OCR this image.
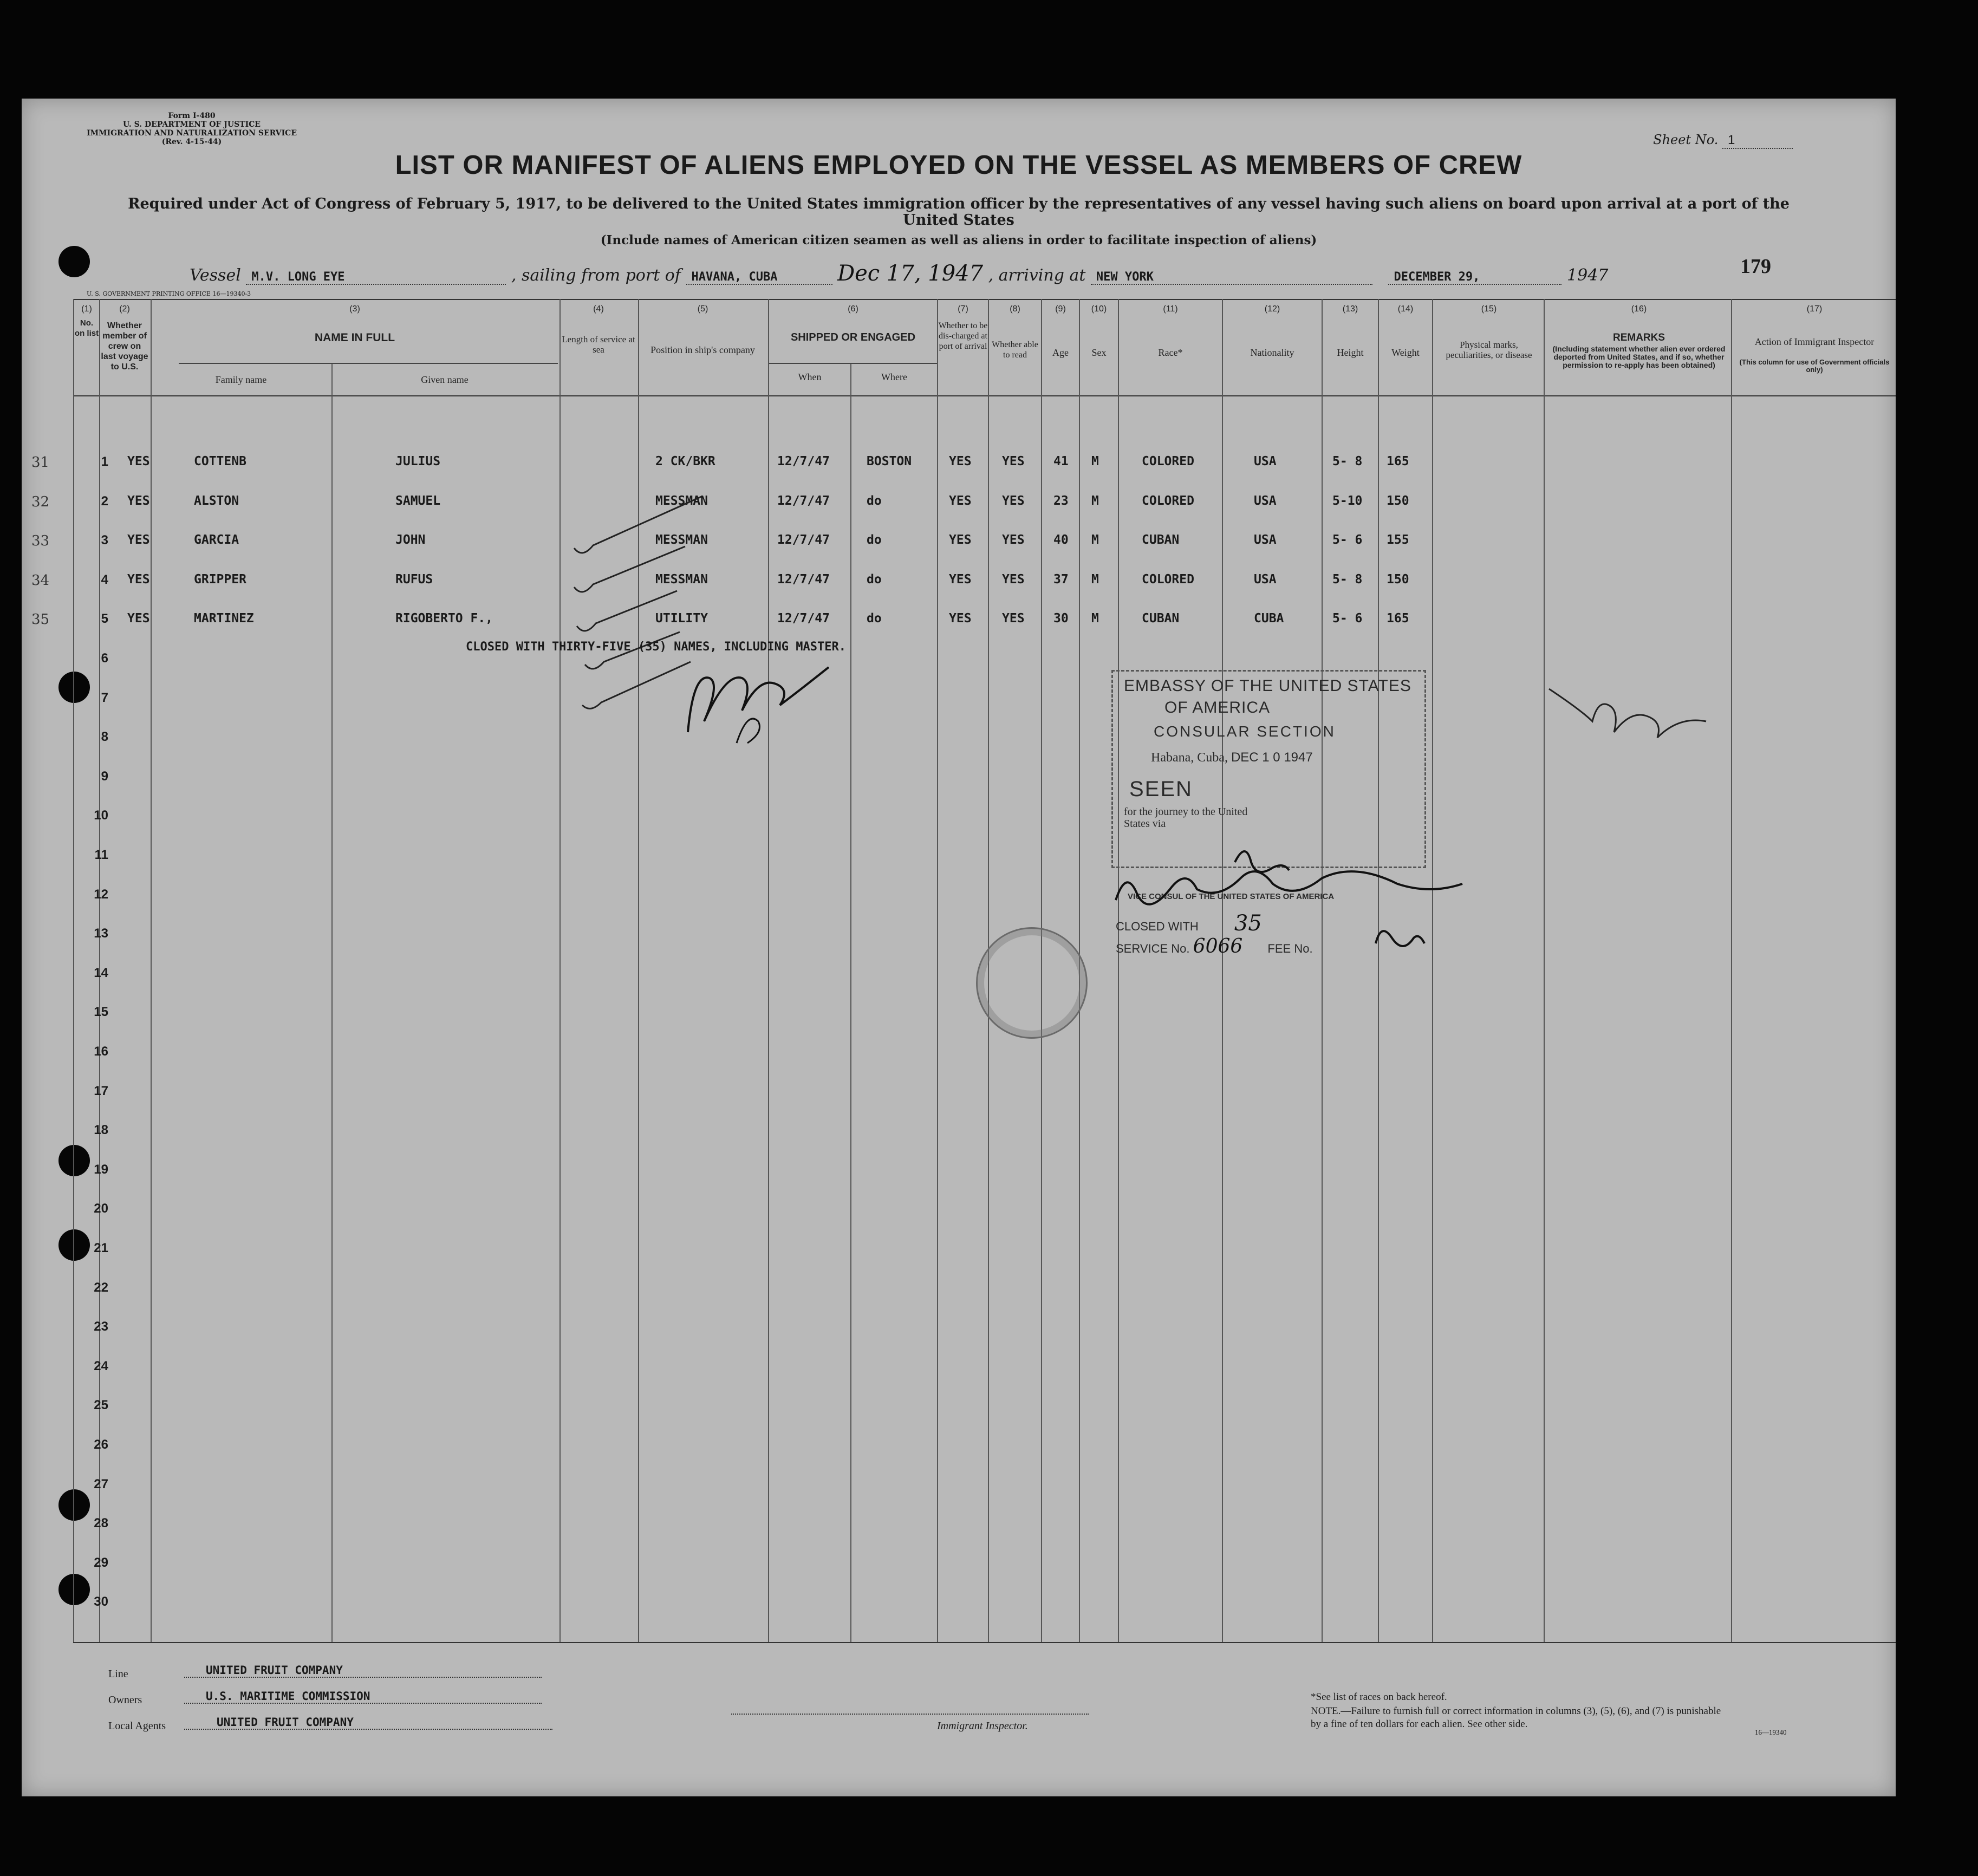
Form I-480
U. S. DEPARTMENT OF JUSTICE
IMMIGRATION AND NATURALIZATION SERVICE
(Rev. 4-15-44)	Sheet No. 1
LIST OR MANIFEST OF ALIENS EMPLOYED ON THE VESSEL AS MEMBERS OF CREW
Required under Act of Congress of February 5, 1917, to be delivered to the United States immigration officer by the representatives of any vessel having such aliens on board upon arrival at a port of the United States
(Include names of American citizen seamen as well as aliens in order to facilitate inspection of aliens)
Vessel M.V. LONG EYE	, sailing from port of HAVANA, CUBA	Dec 17, 1947 , arriving at NEW YORK	DECEMBER 29,	1947	179
U. S. GOVERNMENT PRINTING OFFICE 16—19340-3
(1)
No. on list
(2)
Whether member of crew on last voyage to U.S.
(3)
NAME IN FULL
Family name	Given name
(4)
Length of service at sea
(5)
Position in ship's company
(6)
SHIPPED OR ENGAGED
When	Where
(7)
Whether to be dis-charged at port of arrival
(8)
Whether able to read
(9)
Age
(10)
Sex
(11)
Race*
(12)
Nationality
(13)
Height
(14)
Weight
(15)
Physical marks, peculiarities, or disease
(16)
REMARKS
(Including statement whether alien ever ordered deported from United States, and if so, whether permission to re-apply has been obtained)
(17)
Action of Immigrant Inspector
(This column for use of Government officials only)
31	1 YES	COTTENB	JULIUS	2 CK/BKR	12/7/47	BOSTON	YES YES 41 M	COLORED	USA	5- 8 165
32	2 YES	ALSTON	SAMUEL	MESSMAN	12/7/47	do	YES YES 23 M	COLORED	USA	5-10 150
33	3 YES	GARCIA	JOHN	MESSMAN	12/7/47	do	YES YES 40 M	CUBAN	USA	5- 6 155
34	4 YES	GRIPPER	RUFUS	MESSMAN	12/7/47	do	YES YES 37 M	COLORED	USA	5- 8 150
35	5 YES	MARTINEZ	RIGOBERTO F.,	UTILITY	12/7/47	do	YES YES 30 M	CUBAN	CUBA	5- 6 165
6
7
8
9
10
11
12
13
14
15
16
17
18
19
20
21
22
23
24
25
26
27
28
29
30
CLOSED WITH THIRTY-FIVE (35) NAMES, INCLUDING MASTER.
EMBASSY OF THE UNITED STATES
OF AMERICA
CONSULAR SECTION
Habana, Cuba, DEC 1 0 1947
SEEN
for the journey to the United States via
VICE CONSUL OF THE UNITED STATES OF AMERICA
CLOSED WITH 35
SERVICE No. 6066 FEE No.
Line	UNITED FRUIT COMPANY
Owners	U.S. MARITIME COMMISSION
Local Agents	UNITED FRUIT COMPANY	Immigrant Inspector.
*See list of races on back hereof.
NOTE.—Failure to furnish full or correct information in columns (3), (5), (6), and (7) is punishable by a fine of ten dollars for each alien. See other side.
16—19340
